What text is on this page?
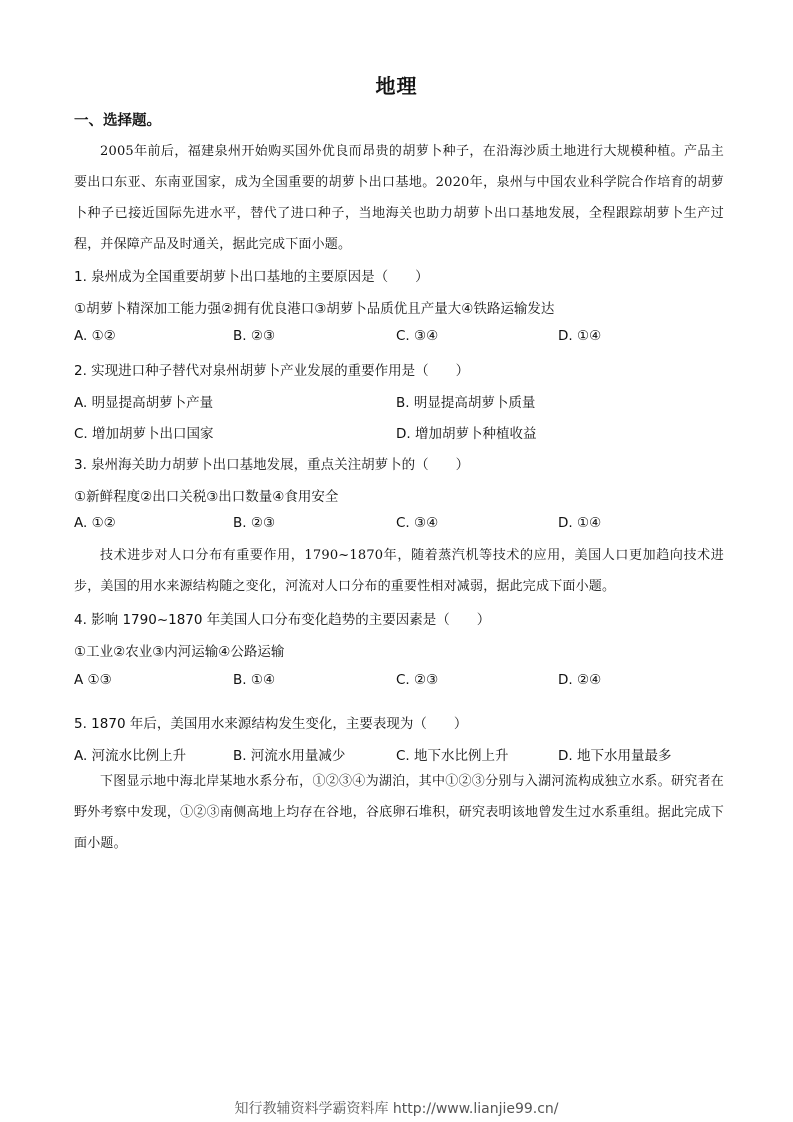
地理
一、选择题。

2005年前后，福建泉州开始购买国外优良而昂贵的胡萝卜种子，在沿海沙质土地进行大规模种植。产品主要出口东亚、东南亚国家，成为全国重要的胡萝卜出口基地。2020年，泉州与中国农业科学院合作培育的胡萝卜种子已接近国际先进水平，替代了进口种子，当地海关也助力胡萝卜出口基地发展，全程跟踪胡萝卜生产过程，并保障产品及时通关，据此完成下面小题。

1. 泉州成为全国重要胡萝卜出口基地的主要原因是（　　）

①胡萝卜精深加工能力强②拥有优良港口③胡萝卜品质优且产量大④铁路运输发达

A. ①②	B. ②③	C. ③④	D. ①④

2. 实现进口种子替代对泉州胡萝卜产业发展的重要作用是（　　）

A. 明显提高胡萝卜产量	B. 明显提高胡萝卜质量
C. 增加胡萝卜出口国家	D. 增加胡萝卜种植收益

3. 泉州海关助力胡萝卜出口基地发展，重点关注胡萝卜的（　　）

①新鲜程度②出口关税③出口数量④食用安全

A. ①②	B. ②③	C. ③④	D. ①④

技术进步对人口分布有重要作用，1790~1870年，随着蒸汽机等技术的应用，美国人口更加趋向技术进步，美国的用水来源结构随之变化，河流对人口分布的重要性相对减弱，据此完成下面小题。

4. 影响 1790~1870 年美国人口分布变化趋势的主要因素是（　　）

①工业②农业③内河运输④公路运输

A ①③	B. ①④	C. ②③	D. ②④

5. 1870 年后，美国用水来源结构发生变化，主要表现为（　　）

A. 河流水比例上升	B. 河流水用量减少	C. 地下水比例上升	D. 地下水用量最多

下图显示地中海北岸某地水系分布，①②③④为湖泊，其中①②③分别与入湖河流构成独立水系。研究者在野外考察中发现，①②③南侧高地上均存在谷地，谷底卵石堆积，研究表明该地曾发生过水系重组。据此完成下面小题。

知行教辅资料学霸资料库 http://www.lianjie99.cn/
